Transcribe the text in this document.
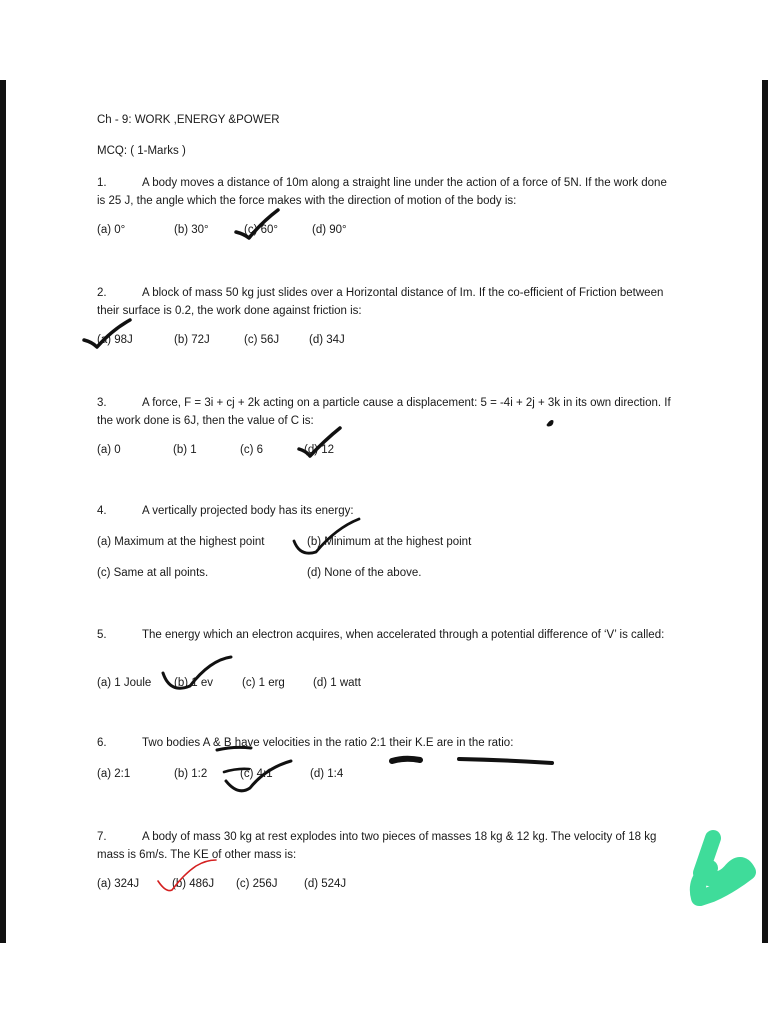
Ch - 9: WORK ,ENERGY &POWER
MCQ: ( 1-Marks )
1.	A body moves a distance of 10m along a straight line under the action of a force of 5N. If the work done is 25 J, the angle which the force makes with the direction of motion of the body is:
(a) 0°	(b) 30°	(c) 60°	(d) 90°
2.	A block of mass 50 kg just slides over a Horizontal distance of Im. If the co-efficient of Friction between their surface is 0.2, the work done against friction is:
(a) 98J	(b) 72J	(c) 56J	(d) 34J
3.	A force, F = 3i + cj + 2k acting on a particle cause a displacement: 5 = -4i + 2j + 3k in its own direction. If the work done is 6J, then the value of C is:
(a) 0	(b) 1	(c) 6	(d) 12
4.	A vertically projected body has its energy:
(a) Maximum at the highest point	(b) Minimum at the highest point
(c) Same at all points.	(d) None of the above.
5.	The energy which an electron acquires, when accelerated through a potential difference of ‘V’ is called:
(a) 1 Joule (b) 1 ev	(c) 1 erg (d) 1 watt
6.	Two bodies A & B have velocities in the ratio 2:1 their K.E are in the ratio:
(a) 2:1	(b) 1:2	(c) 4:1	(d) 1:4
7.	A body of mass 30 kg at rest explodes into two pieces of masses 18 kg & 12 kg. The velocity of 18 kg mass is 6m/s. The KE of other mass is:
(a) 324J	(b) 486J (c) 256J (d) 524J
